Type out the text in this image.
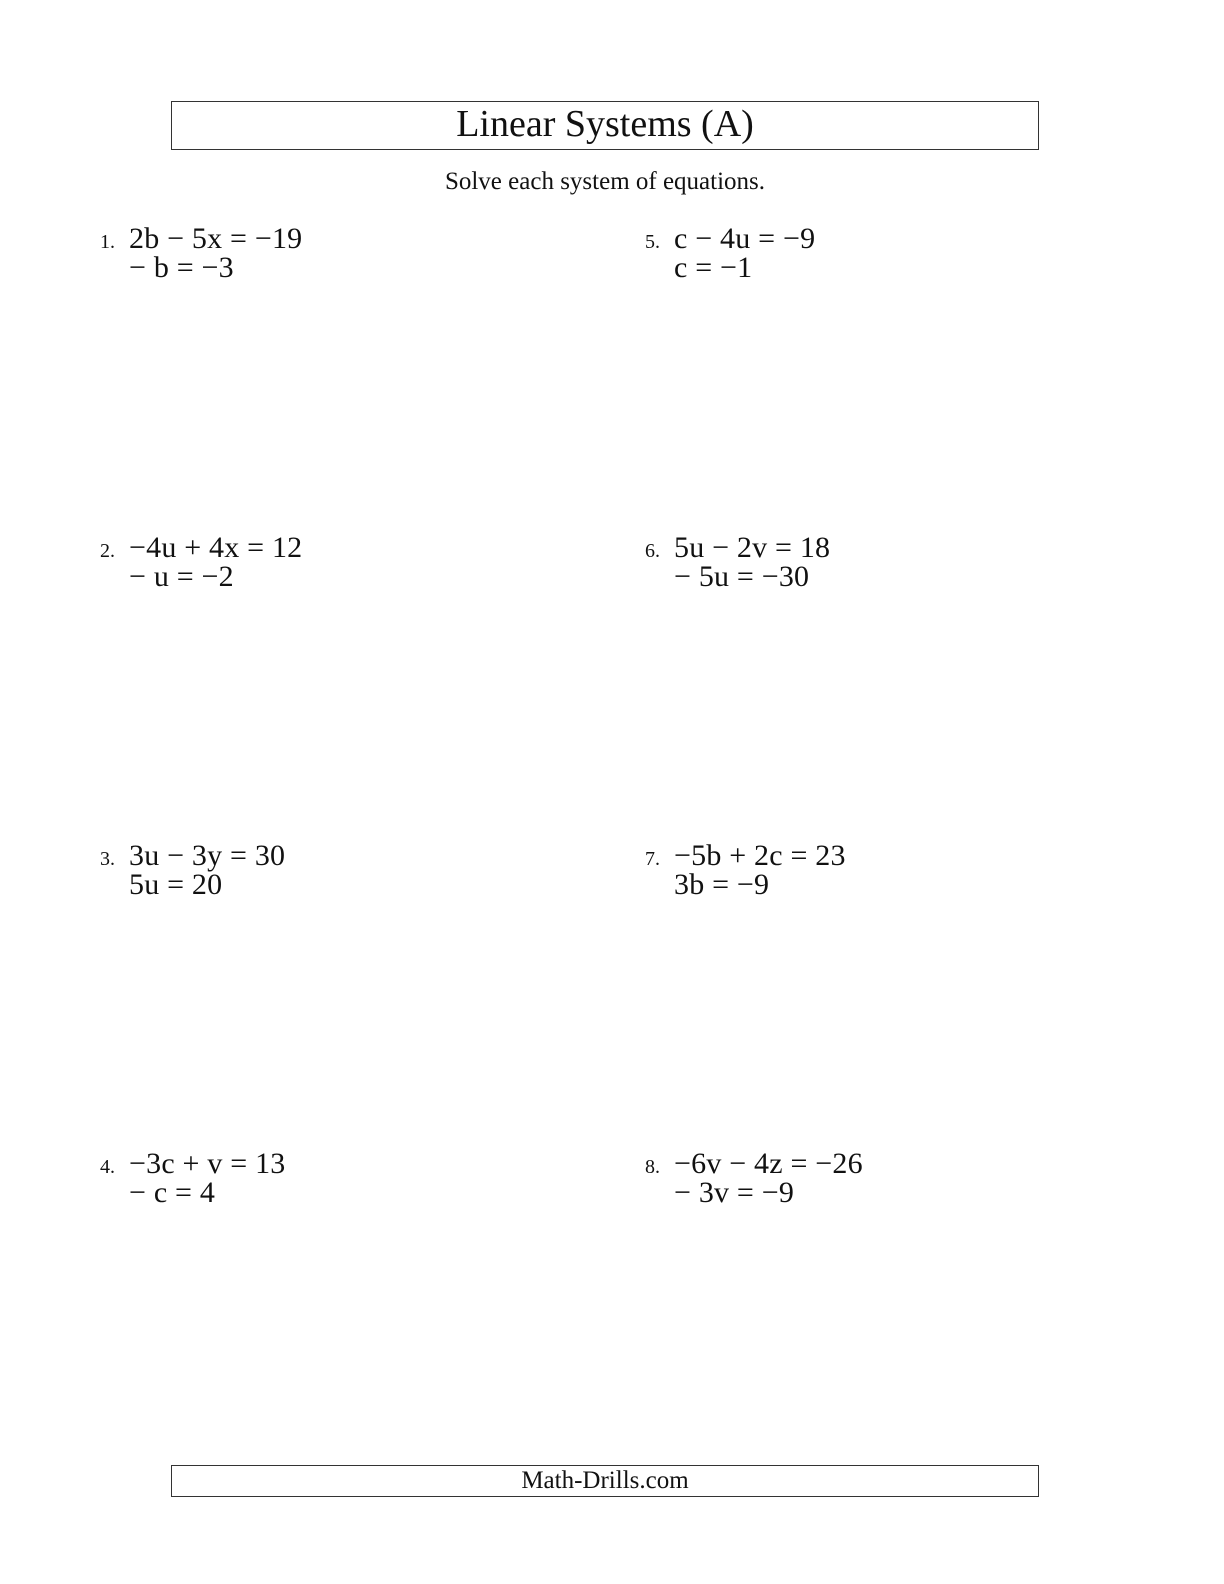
Linear Systems (A)
Solve each system of equations.
1. 2b − 5x = −19
− b = −3
2. −4u + 4x = 12
− u = −2
3. 3u − 3y = 30
5u = 20
4. −3c + v = 13
− c = 4
5. c − 4u = −9
c = −1
6. 5u − 2v = 18
− 5u = −30
7. −5b + 2c = 23
3b = −9
8. −6v − 4z = −26
− 3v = −9
Math-Drills.com
